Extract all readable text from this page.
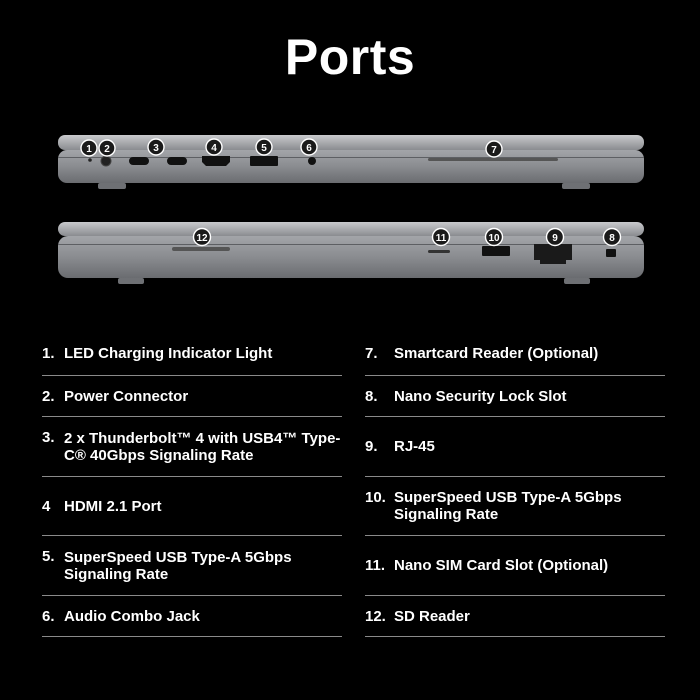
Ports
1 2	3	4	5	6	7
12	11	10	9	8
1. LED Charging Indicator Light
2. Power Connector
3. 2 x Thunderbolt™ 4 with USB4™ Type-C® 40Gbps Signaling Rate
4 HDMI 2.1 Port
5. SuperSpeed USB Type-A 5Gbps Signaling Rate
6. Audio Combo Jack
7.	Smartcard Reader (Optional)
8.	Nano Security Lock Slot
9.	RJ-45
10. SuperSpeed USB Type-A 5Gbps Signaling Rate
11. Nano SIM Card Slot (Optional)
12. SD Reader
